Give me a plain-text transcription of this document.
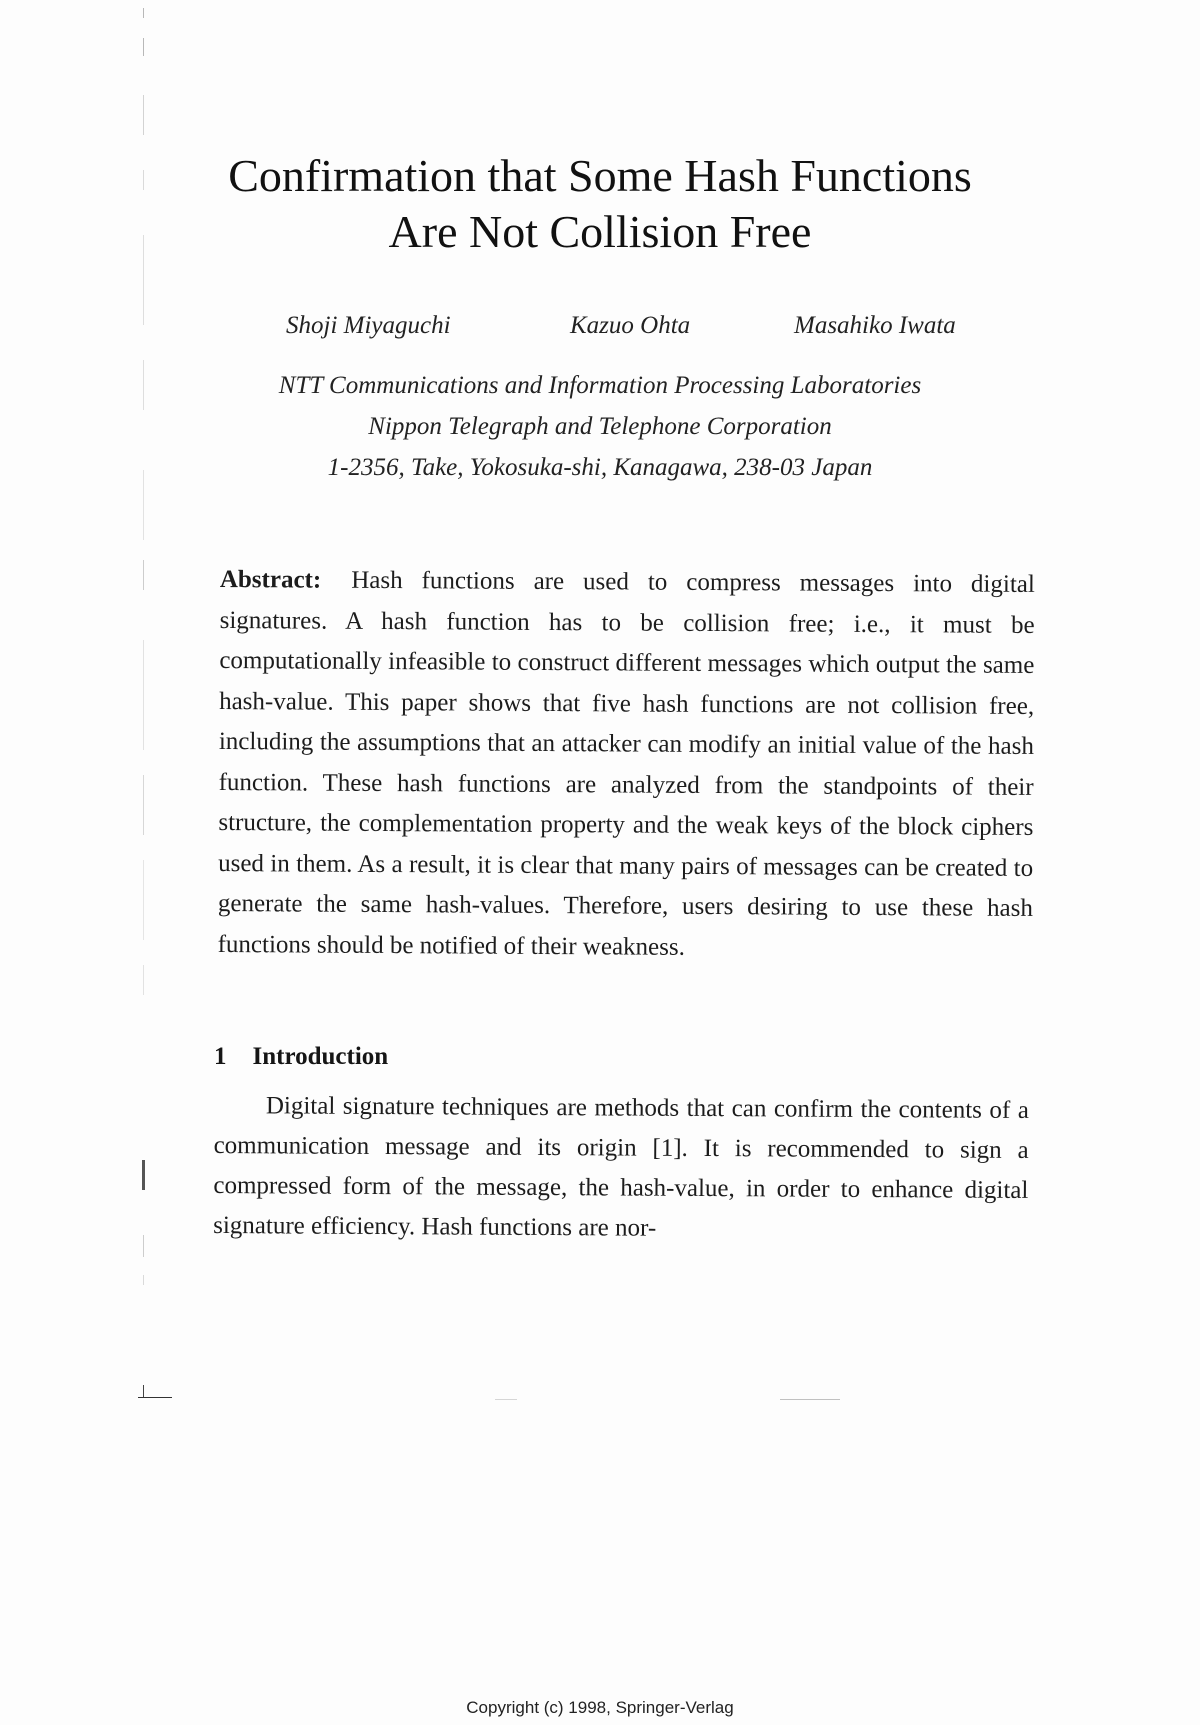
Confirmation that Some Hash Functions
Are Not Collision Free
Shoji Miyaguchi	Kazuo Ohta	Masahiko Iwata
NTT Communications and Information Processing Laboratories
Nippon Telegraph and Telephone Corporation
1-2356, Take, Yokosuka-shi, Kanagawa, 238-03 Japan
Abstract: Hash functions are used to compress messages into digital signatures. A hash function has to be collision free; i.e., it must be computationally infeasible to construct different messages which output the same hash-value. This paper shows that five hash functions are not collision free, including the assumptions that an attacker can modify an initial value of the hash function. These hash functions are analyzed from the standpoints of their structure, the complementation property and the weak keys of the block ciphers used in them. As a result, it is clear that many pairs of messages can be created to generate the same hash-values. Therefore, users desiring to use these hash functions should be notified of their weakness.
1 Introduction
Digital signature techniques are methods that can confirm the contents of a communication message and its origin [1]. It is recommended to sign a compressed form of the message, the hash-value, in order to enhance digital signature efficiency. Hash functions are nor-
Copyright (c) 1998, Springer-Verlag
